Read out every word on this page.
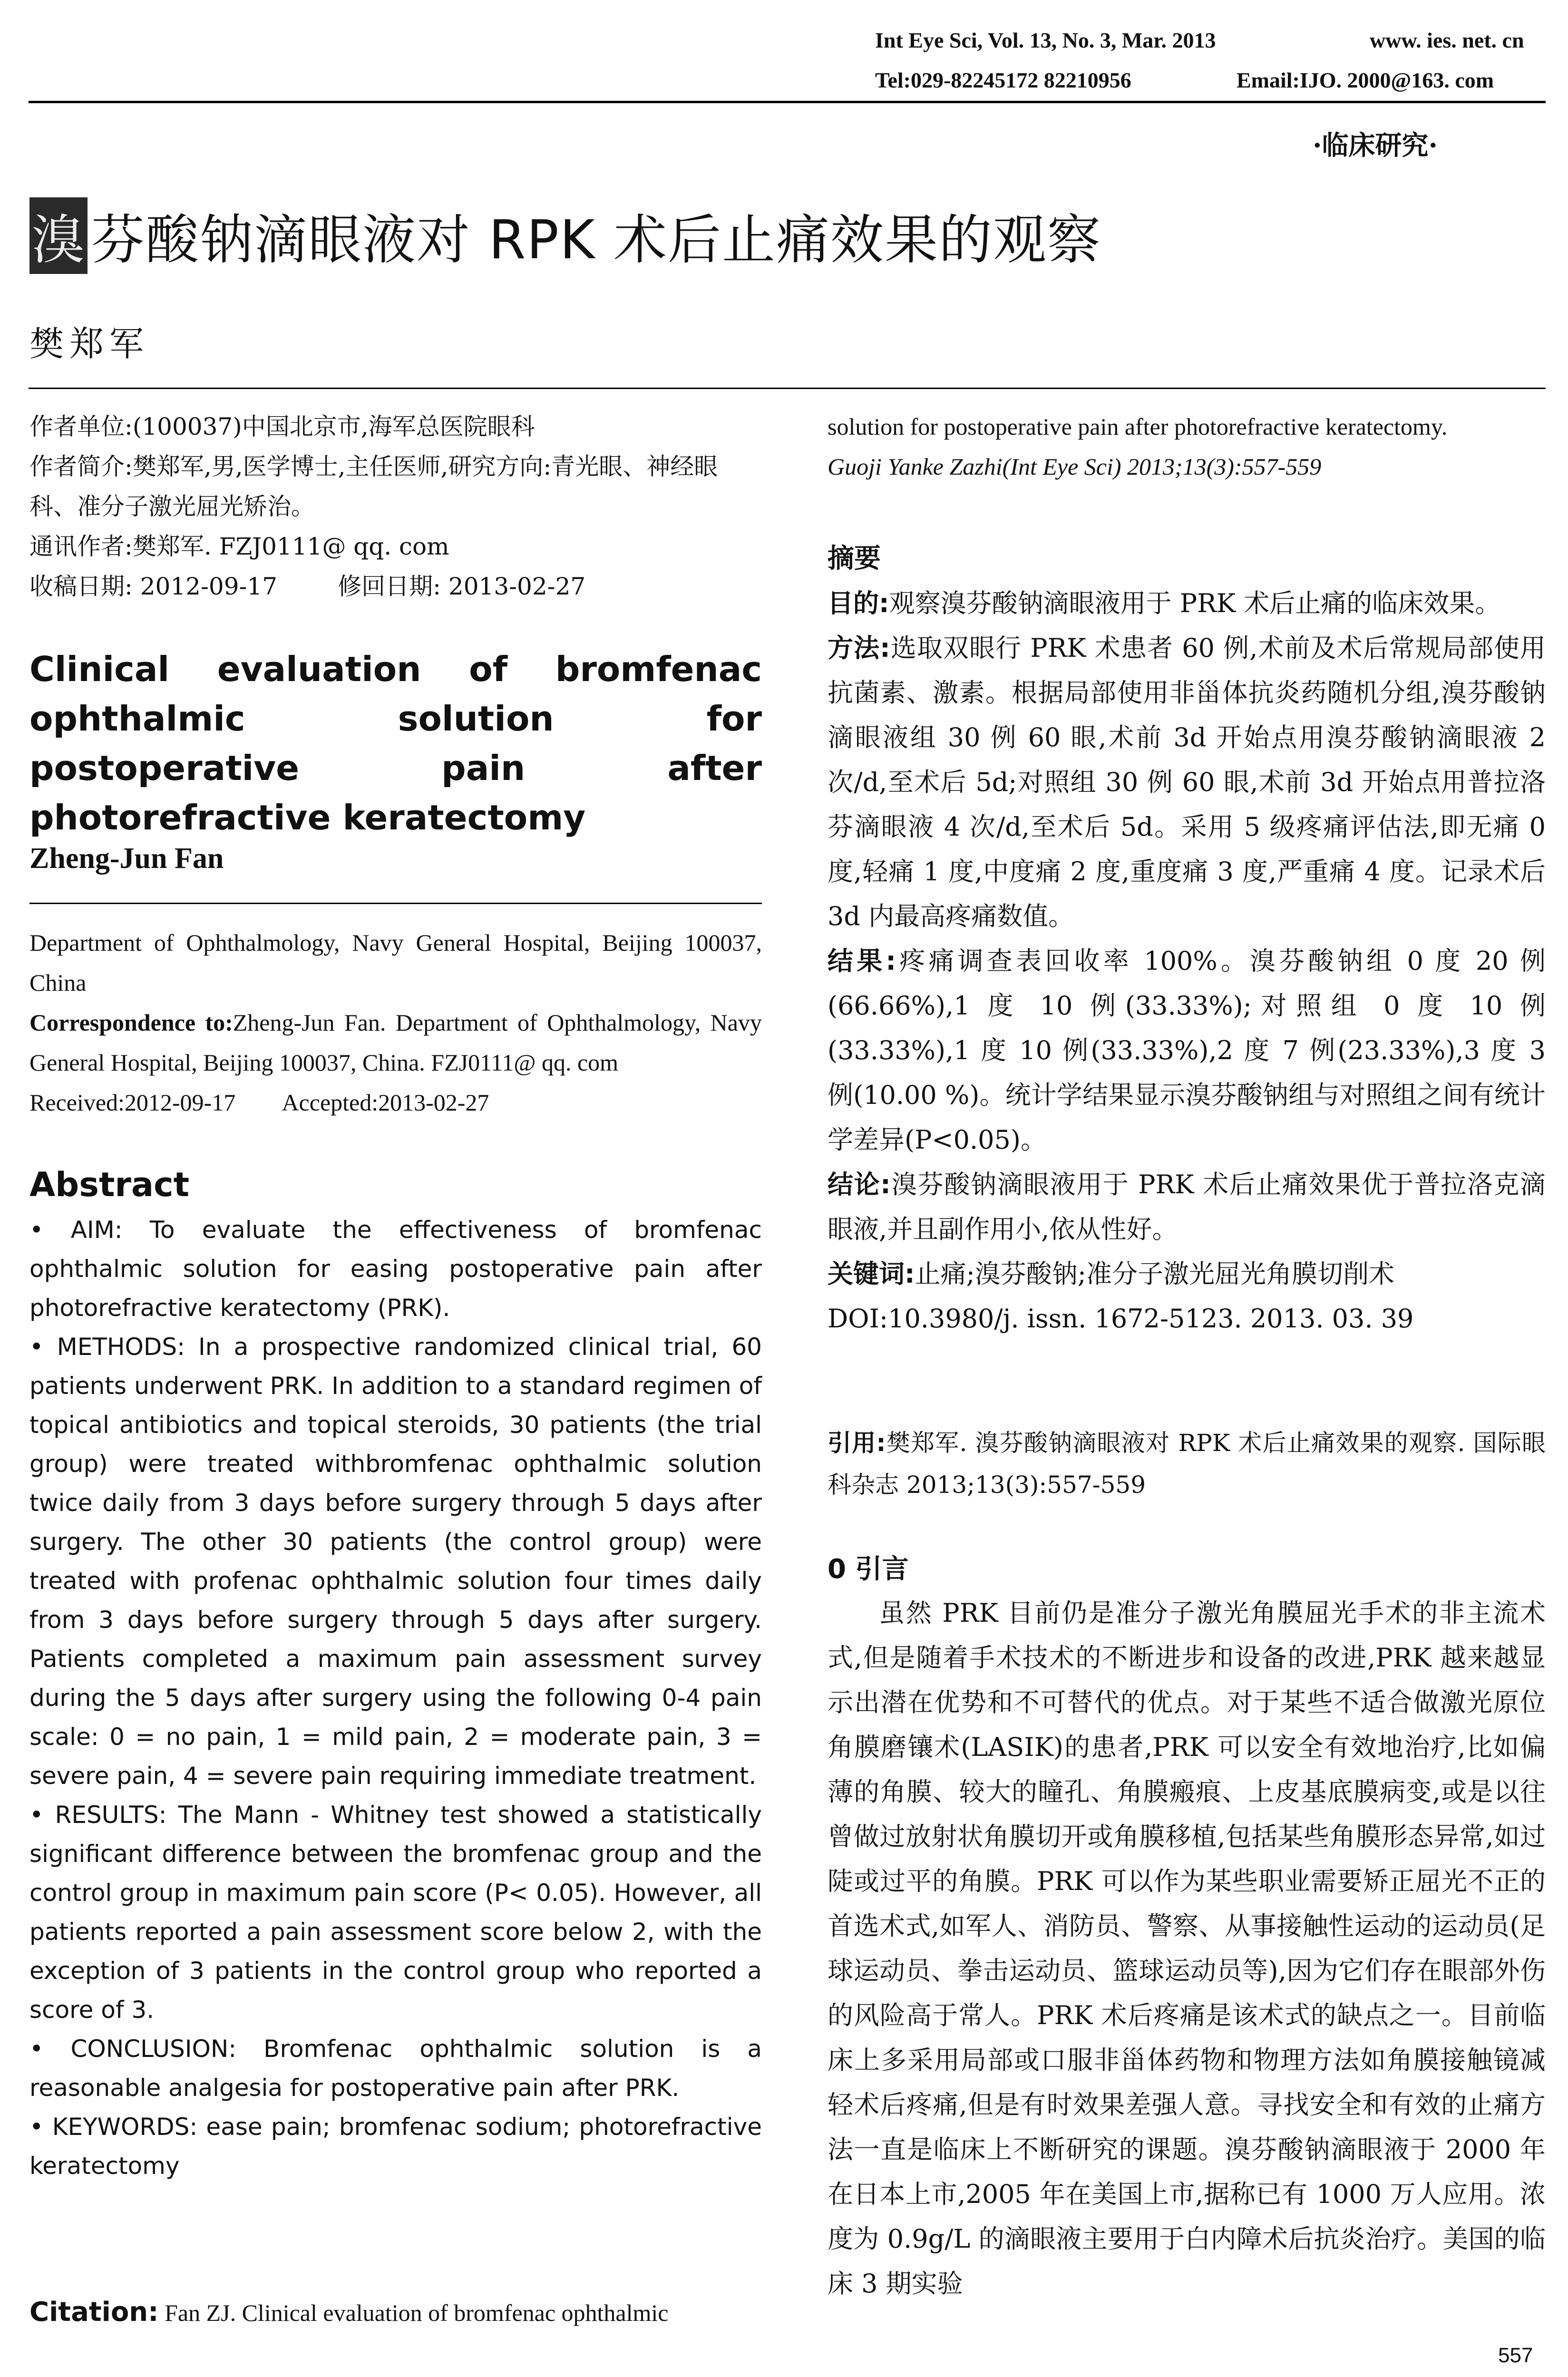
Int Eye Sci, Vol. 13, No. 3, Mar. 2013	www. ies. net. cn
Tel:029-82245172 82210956	Email:IJO. 2000@163. com
·临床研究·
溴 芬酸钠滴眼液对 RPK 术后止痛效果的观察
樊郑军

作者单位:(100037)中国北京市,海军总医院眼科

作者简介:樊郑军,男,医学博士,主任医师,研究方向:青光眼、神经眼科、准分子激光屈光矫治。

通讯作者:樊郑军. FZJ0111@ qq. com

收稿日期: 2012-09-17        修回日期: 2013-02-27

Clinical evaluation of bromfenac ophthalmic solution for postoperative pain after photorefractive keratectomy

Zheng-Jun Fan

Department of Ophthalmology, Navy General Hospital, Beijing 100037, China

Correspondence to:Zheng-Jun Fan. Department of Ophthalmology, Navy General Hospital, Beijing 100037, China. FZJ0111@ qq. com

Received:2012-09-17        Accepted:2013-02-27

Abstract

• AIM: To evaluate the effectiveness of bromfenac ophthalmic solution for easing postoperative pain after photorefractive keratectomy (PRK).

• METHODS: In a prospective randomized clinical trial, 60 patients underwent PRK. In addition to a standard regimen of topical antibiotics and topical steroids, 30 patients (the trial group) were treated withbromfenac ophthalmic solution twice daily from 3 days before surgery through 5 days after surgery. The other 30 patients (the control group) were treated with profenac ophthalmic solution four times daily from 3 days before surgery through 5 days after surgery. Patients completed a maximum pain assessment survey during the 5 days after surgery using the following 0-4 pain scale: 0 = no pain, 1 = mild pain, 2 = moderate pain, 3 = severe pain, 4 = severe pain requiring immediate treatment.

• RESULTS: The Mann - Whitney test showed a statistically significant difference between the bromfenac group and the control group in maximum pain score (P< 0.05). However, all patients reported a pain assessment score below 2, with the exception of 3 patients in the control group who reported a score of 3.

• CONCLUSION: Bromfenac ophthalmic solution is a reasonable analgesia for postoperative pain after PRK.

• KEYWORDS: ease pain; bromfenac sodium; photorefractive keratectomy

Citation: Fan ZJ. Clinical evaluation of bromfenac ophthalmic

solution for postoperative pain after photorefractive keratectomy.

Guoji Yanke Zazhi(Int Eye Sci) 2013;13(3):557-559

摘要

目的:观察溴芬酸钠滴眼液用于 PRK 术后止痛的临床效果。

方法:选取双眼行 PRK 术患者 60 例,术前及术后常规局部使用抗菌素、激素。根据局部使用非甾体抗炎药随机分组,溴芬酸钠滴眼液组 30 例 60 眼,术前 3d 开始点用溴芬酸钠滴眼液 2 次/d,至术后 5d;对照组 30 例 60 眼,术前 3d 开始点用普拉洛芬滴眼液 4 次/d,至术后 5d。采用 5 级疼痛评估法,即无痛 0 度,轻痛 1 度,中度痛 2 度,重度痛 3 度,严重痛 4 度。记录术后 3d 内最高疼痛数值。

结果:疼痛调查表回收率 100%。溴芬酸钠组 0 度 20 例(66.66%),1 度 10 例(33.33%);对照组 0 度 10 例(33.33%),1 度 10 例(33.33%),2 度 7 例(23.33%),3 度 3 例(10.00 %)。统计学结果显示溴芬酸钠组与对照组之间有统计学差异(P<0.05)。

结论:溴芬酸钠滴眼液用于 PRK 术后止痛效果优于普拉洛克滴眼液,并且副作用小,依从性好。

关键词:止痛;溴芬酸钠;准分子激光屈光角膜切削术

DOI:10.3980/j. issn. 1672-5123. 2013. 03. 39

引用:樊郑军. 溴芬酸钠滴眼液对 RPK 术后止痛效果的观察. 国际眼科杂志 2013;13(3):557-559

0 引言

虽然 PRK 目前仍是准分子激光角膜屈光手术的非主流术式,但是随着手术技术的不断进步和设备的改进,PRK 越来越显示出潜在优势和不可替代的优点。对于某些不适合做激光原位角膜磨镶术(LASIK)的患者,PRK 可以安全有效地治疗,比如偏薄的角膜、较大的瞳孔、角膜瘢痕、上皮基底膜病变,或是以往曾做过放射状角膜切开或角膜移植,包括某些角膜形态异常,如过陡或过平的角膜。PRK 可以作为某些职业需要矫正屈光不正的首选术式,如军人、消防员、警察、从事接触性运动的运动员(足球运动员、拳击运动员、篮球运动员等),因为它们存在眼部外伤的风险高于常人。PRK 术后疼痛是该术式的缺点之一。目前临床上多采用局部或口服非甾体药物和物理方法如角膜接触镜减轻术后疼痛,但是有时效果差强人意。寻找安全和有效的止痛方法一直是临床上不断研究的课题。溴芬酸钠滴眼液于 2000 年在日本上市,2005 年在美国上市,据称已有 1000 万人应用。浓度为 0.9g/L 的滴眼液主要用于白内障术后抗炎治疗。美国的临床 3 期实验

557
